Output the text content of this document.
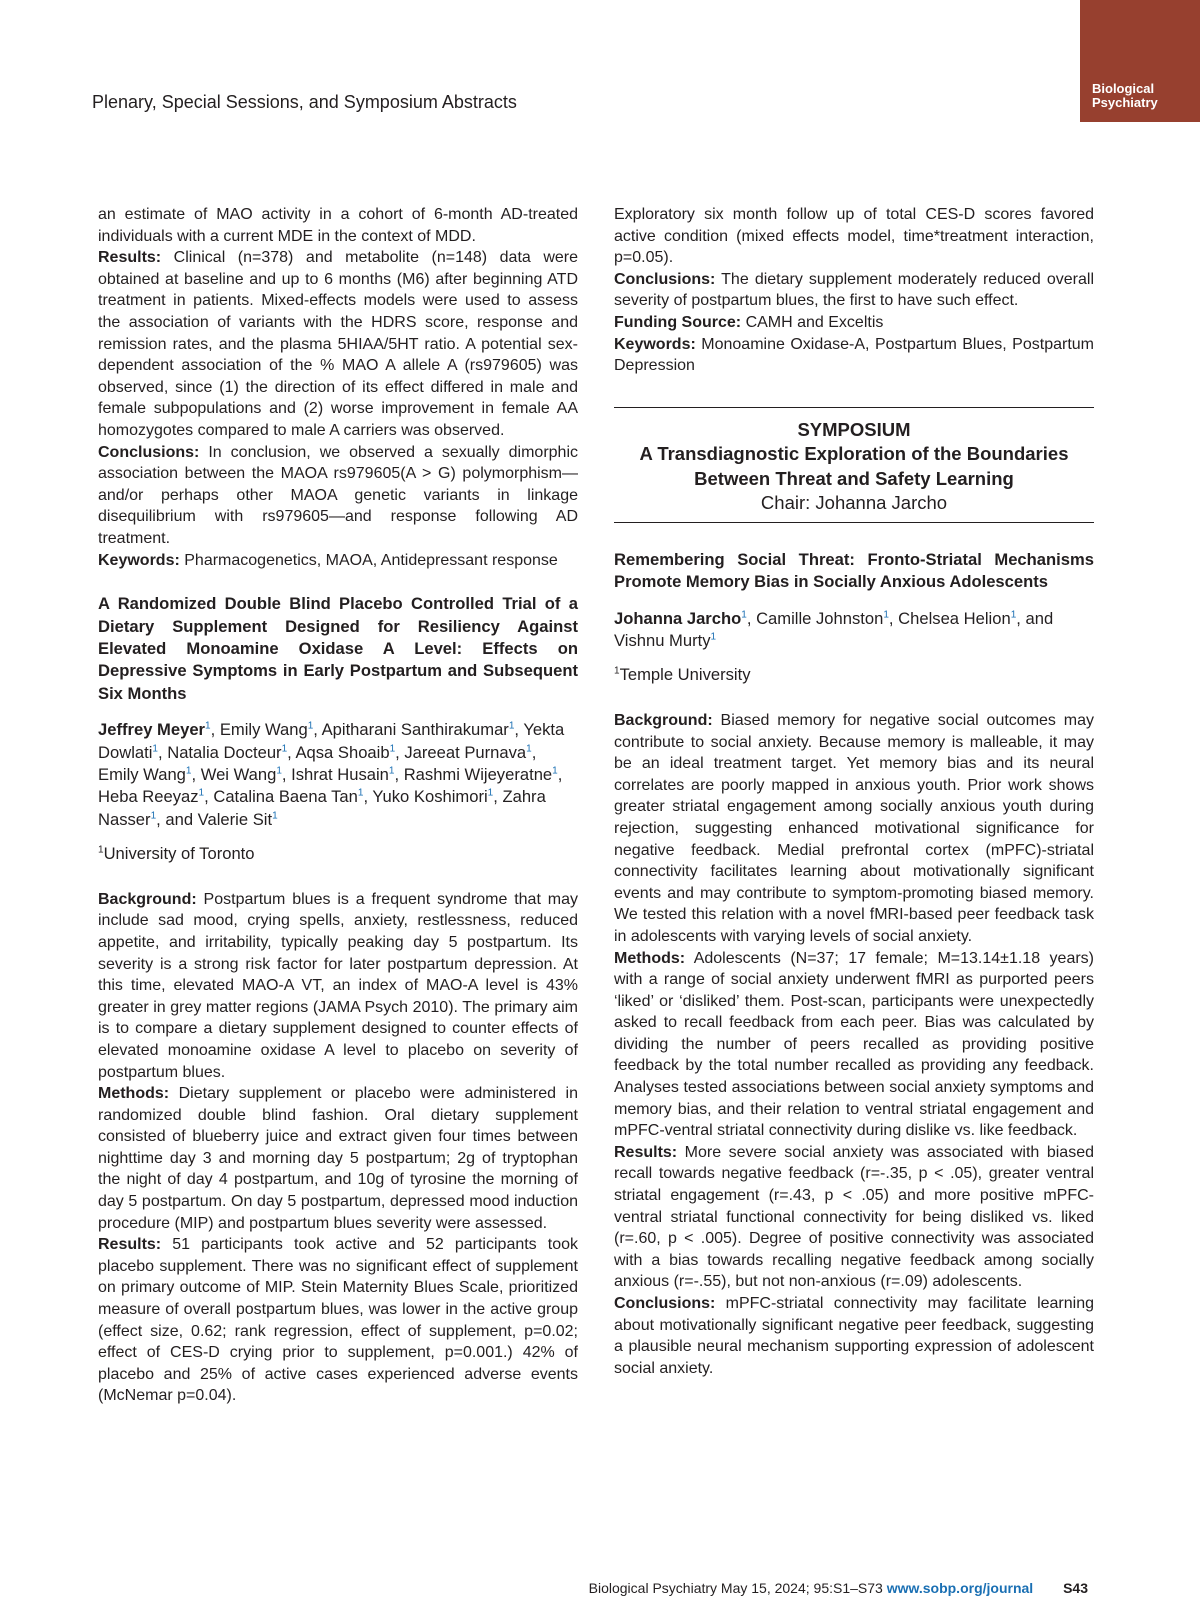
Biological
Psychiatry
Plenary, Special Sessions, and Symposium Abstracts

an estimate of MAO activity in a cohort of 6-month AD-treated individuals with a current MDE in the context of MDD.

Results: Clinical (n=378) and metabolite (n=148) data were obtained at baseline and up to 6 months (M6) after beginning ATD treatment in patients. Mixed-effects models were used to assess the association of variants with the HDRS score, response and remission rates, and the plasma 5HIAA/5HT ratio. A potential sex-dependent association of the % MAO A allele A (rs979605) was observed, since (1) the direction of its effect differed in male and female subpopulations and (2) worse improvement in female AA homozygotes compared to male A carriers was observed.

Conclusions: In conclusion, we observed a sexually dimorphic association between the MAOA rs979605(A > G) polymorphism—and/or perhaps other MAOA genetic variants in linkage disequilibrium with rs979605—and response following AD treatment.

Keywords: Pharmacogenetics, MAOA, Antidepressant response

A Randomized Double Blind Placebo Controlled Trial of a Dietary Supplement Designed for Resiliency Against Elevated Monoamine Oxidase A Level: Effects on Depressive Symptoms in Early Postpartum and Subsequent Six Months

Jeffrey Meyer$^1$, Emily Wang$^1$, Apitharani Santhirakumar$^1$, Yekta Dowlati$^1$, Natalia Docteur$^1$, Aqsa Shoaib$^1$, Jareeat Purnava$^1$, Emily Wang$^1$, Wei Wang$^1$, Ishrat Husain$^1$, Rashmi Wijeyeratne$^1$, Heba Reeyaz$^1$, Catalina Baena Tan$^1$, Yuko Koshimori$^1$, Zahra Nasser$^1$, and Valerie Sit$^1$

$^1$University of Toronto

Background: Postpartum blues is a frequent syndrome that may include sad mood, crying spells, anxiety, restlessness, reduced appetite, and irritability, typically peaking day 5 postpartum. Its severity is a strong risk factor for later postpartum depression. At this time, elevated MAO-A VT, an index of MAO-A level is 43% greater in grey matter regions (JAMA Psych 2010). The primary aim is to compare a dietary supplement designed to counter effects of elevated monoamine oxidase A level to placebo on severity of postpartum blues.

Methods: Dietary supplement or placebo were administered in randomized double blind fashion. Oral dietary supplement consisted of blueberry juice and extract given four times between nighttime day 3 and morning day 5 postpartum; 2g of tryptophan the night of day 4 postpartum, and 10g of tyrosine the morning of day 5 postpartum. On day 5 postpartum, depressed mood induction procedure (MIP) and postpartum blues severity were assessed.

Results: 51 participants took active and 52 participants took placebo supplement. There was no significant effect of supplement on primary outcome of MIP. Stein Maternity Blues Scale, prioritized measure of overall postpartum blues, was lower in the active group (effect size, 0.62; rank regression, effect of supplement, p=0.02; effect of CES-D crying prior to supplement, p=0.001.) 42% of placebo and 25% of active cases experienced adverse events (McNemar p=0.04).

Exploratory six month follow up of total CES-D scores favored active condition (mixed effects model, time*treatment interaction, p=0.05).

Conclusions: The dietary supplement moderately reduced overall severity of postpartum blues, the first to have such effect.

Funding Source: CAMH and Exceltis

Keywords: Monoamine Oxidase-A, Postpartum Blues, Postpartum Depression

SYMPOSIUM
A Transdiagnostic Exploration of the Boundaries Between Threat and Safety Learning
Chair: Johanna Jarcho

Remembering Social Threat: Fronto-Striatal Mechanisms Promote Memory Bias in Socially Anxious Adolescents

Johanna Jarcho$^1$, Camille Johnston$^1$, Chelsea Helion$^1$, and Vishnu Murty$^1$

$^1$Temple University

Background: Biased memory for negative social outcomes may contribute to social anxiety. Because memory is malleable, it may be an ideal treatment target. Yet memory bias and its neural correlates are poorly mapped in anxious youth. Prior work shows greater striatal engagement among socially anxious youth during rejection, suggesting enhanced motivational significance for negative feedback. Medial prefrontal cortex (mPFC)-striatal connectivity facilitates learning about motivationally significant events and may contribute to symptom-promoting biased memory. We tested this relation with a novel fMRI-based peer feedback task in adolescents with varying levels of social anxiety.

Methods: Adolescents (N=37; 17 female; M=13.14±1.18 years) with a range of social anxiety underwent fMRI as purported peers ‘liked’ or ‘disliked’ them. Post-scan, participants were unexpectedly asked to recall feedback from each peer. Bias was calculated by dividing the number of peers recalled as providing positive feedback by the total number recalled as providing any feedback. Analyses tested associations between social anxiety symptoms and memory bias, and their relation to ventral striatal engagement and mPFC-ventral striatal connectivity during dislike vs. like feedback.

Results: More severe social anxiety was associated with biased recall towards negative feedback (r=-.35, p < .05), greater ventral striatal engagement (r=.43, p < .05) and more positive mPFC-ventral striatal functional connectivity for being disliked vs. liked (r=.60, p < .005). Degree of positive connectivity was associated with a bias towards recalling negative feedback among socially anxious (r=-.55), but not non-anxious (r=.09) adolescents.

Conclusions: mPFC-striatal connectivity may facilitate learning about motivationally significant negative peer feedback, suggesting a plausible neural mechanism supporting expression of adolescent social anxiety.

Biological Psychiatry May 15, 2024; 95:S1–S73 www.sobp.org/journal S43
